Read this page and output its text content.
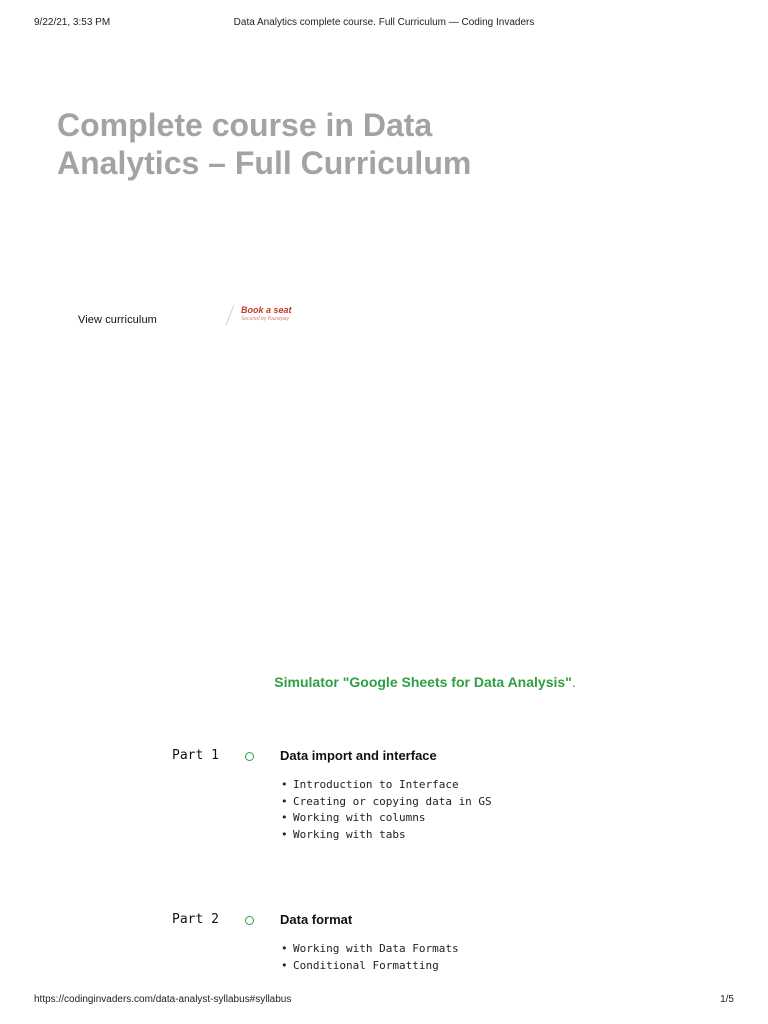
9/22/21, 3:53 PM	Data Analytics complete course. Full Curriculum — Coding Invaders
Complete course in Data
Analytics – Full Curriculum
View curriculum
Book a seat
Secured by Razorpay
Simulator "Google Sheets for Data Analysis".
Part 1	Data import and interface
• Introduction to Interface
• Creating or copying data in GS
• Working with columns
• Working with tabs
Part 2	Data format
• Working with Data Formats
• Conditional Formatting
https://codinginvaders.com/data-analyst-syllabus#syllabus	1/5
